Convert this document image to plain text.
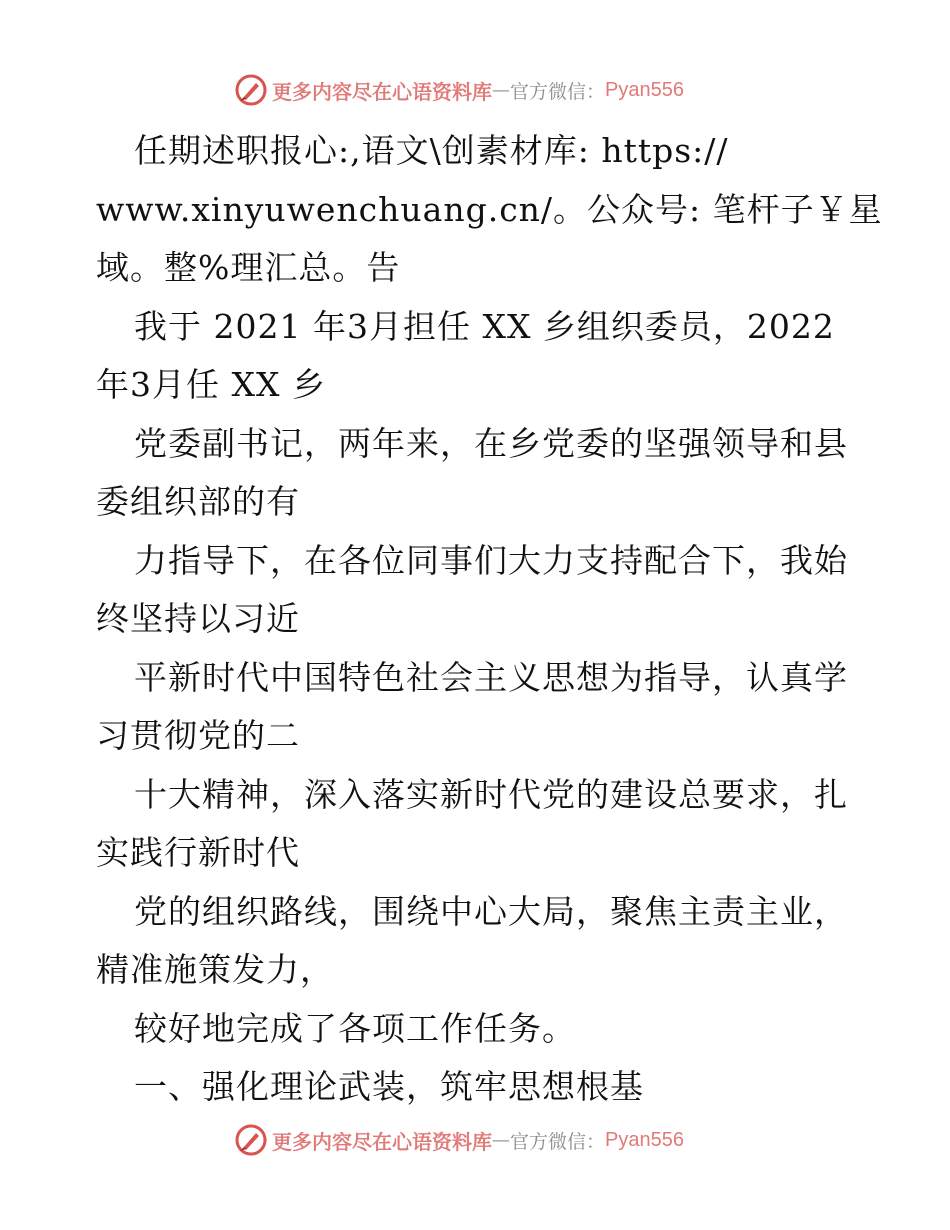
更多内容尽在心语资料库 — 官方微信： Pyan556
任期述职报心:,语文\创素材库: https://
www.xinyuwenchuang.cn/。公众号: 笔杆子￥星
域。整%理汇总。告
我于 2021 年3月担任 XX 乡组织委员，2022
年3月任 XX 乡
党委副书记，两年来，在乡党委的坚强领导和县
委组织部的有
力指导下，在各位同事们大力支持配合下，我始
终坚持以习近
平新时代中国特色社会主义思想为指导，认真学
习贯彻党的二
十大精神，深入落实新时代党的建设总要求，扎
实践行新时代
党的组织路线，围绕中心大局，聚焦主责主业，
精准施策发力，
较好地完成了各项工作任务。
一、强化理论武装，筑牢思想根基
更多内容尽在心语资料库 — 官方微信： Pyan556
